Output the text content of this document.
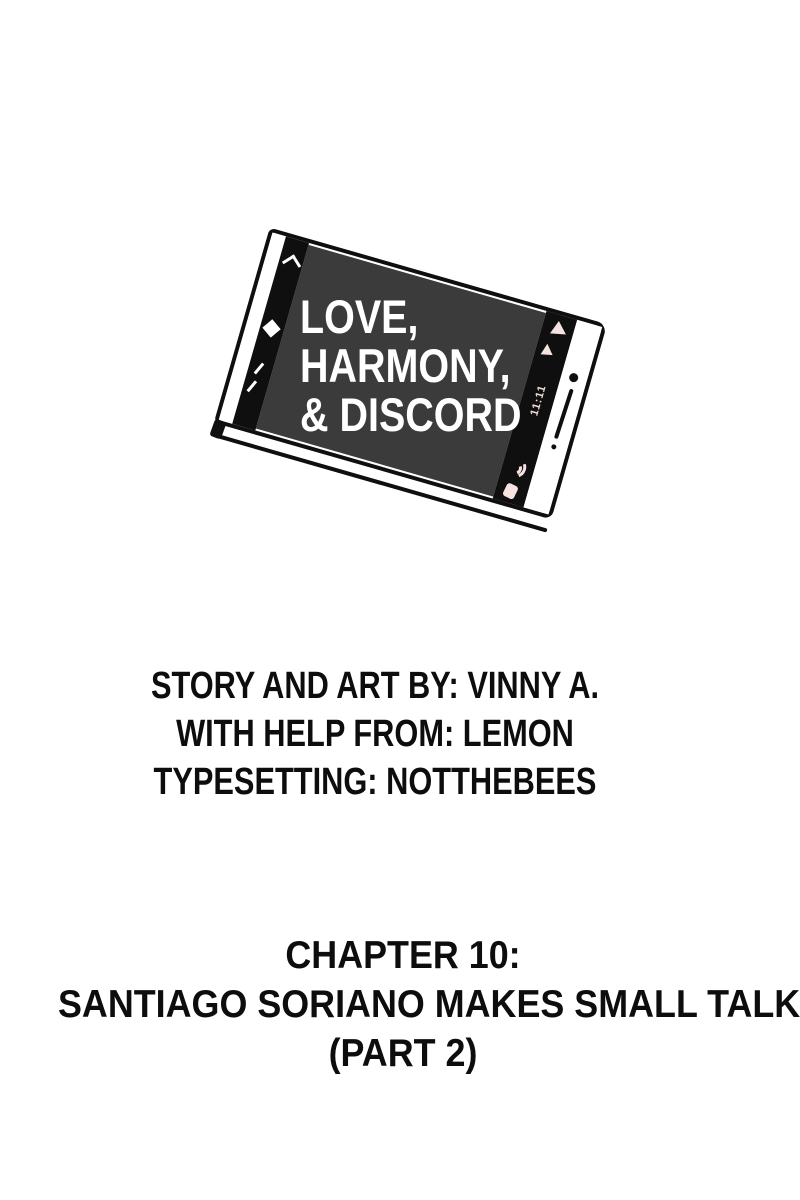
11:11
LOVE,
HARMONY,
& DISCORD
STORY AND ART BY: VINNY A.
WITH HELP FROM: LEMON
TYPESETTING: NOTTHEBEES
CHAPTER 10:
SANTIAGO SORIANO MAKES SMALL TALK
(PART 2)
